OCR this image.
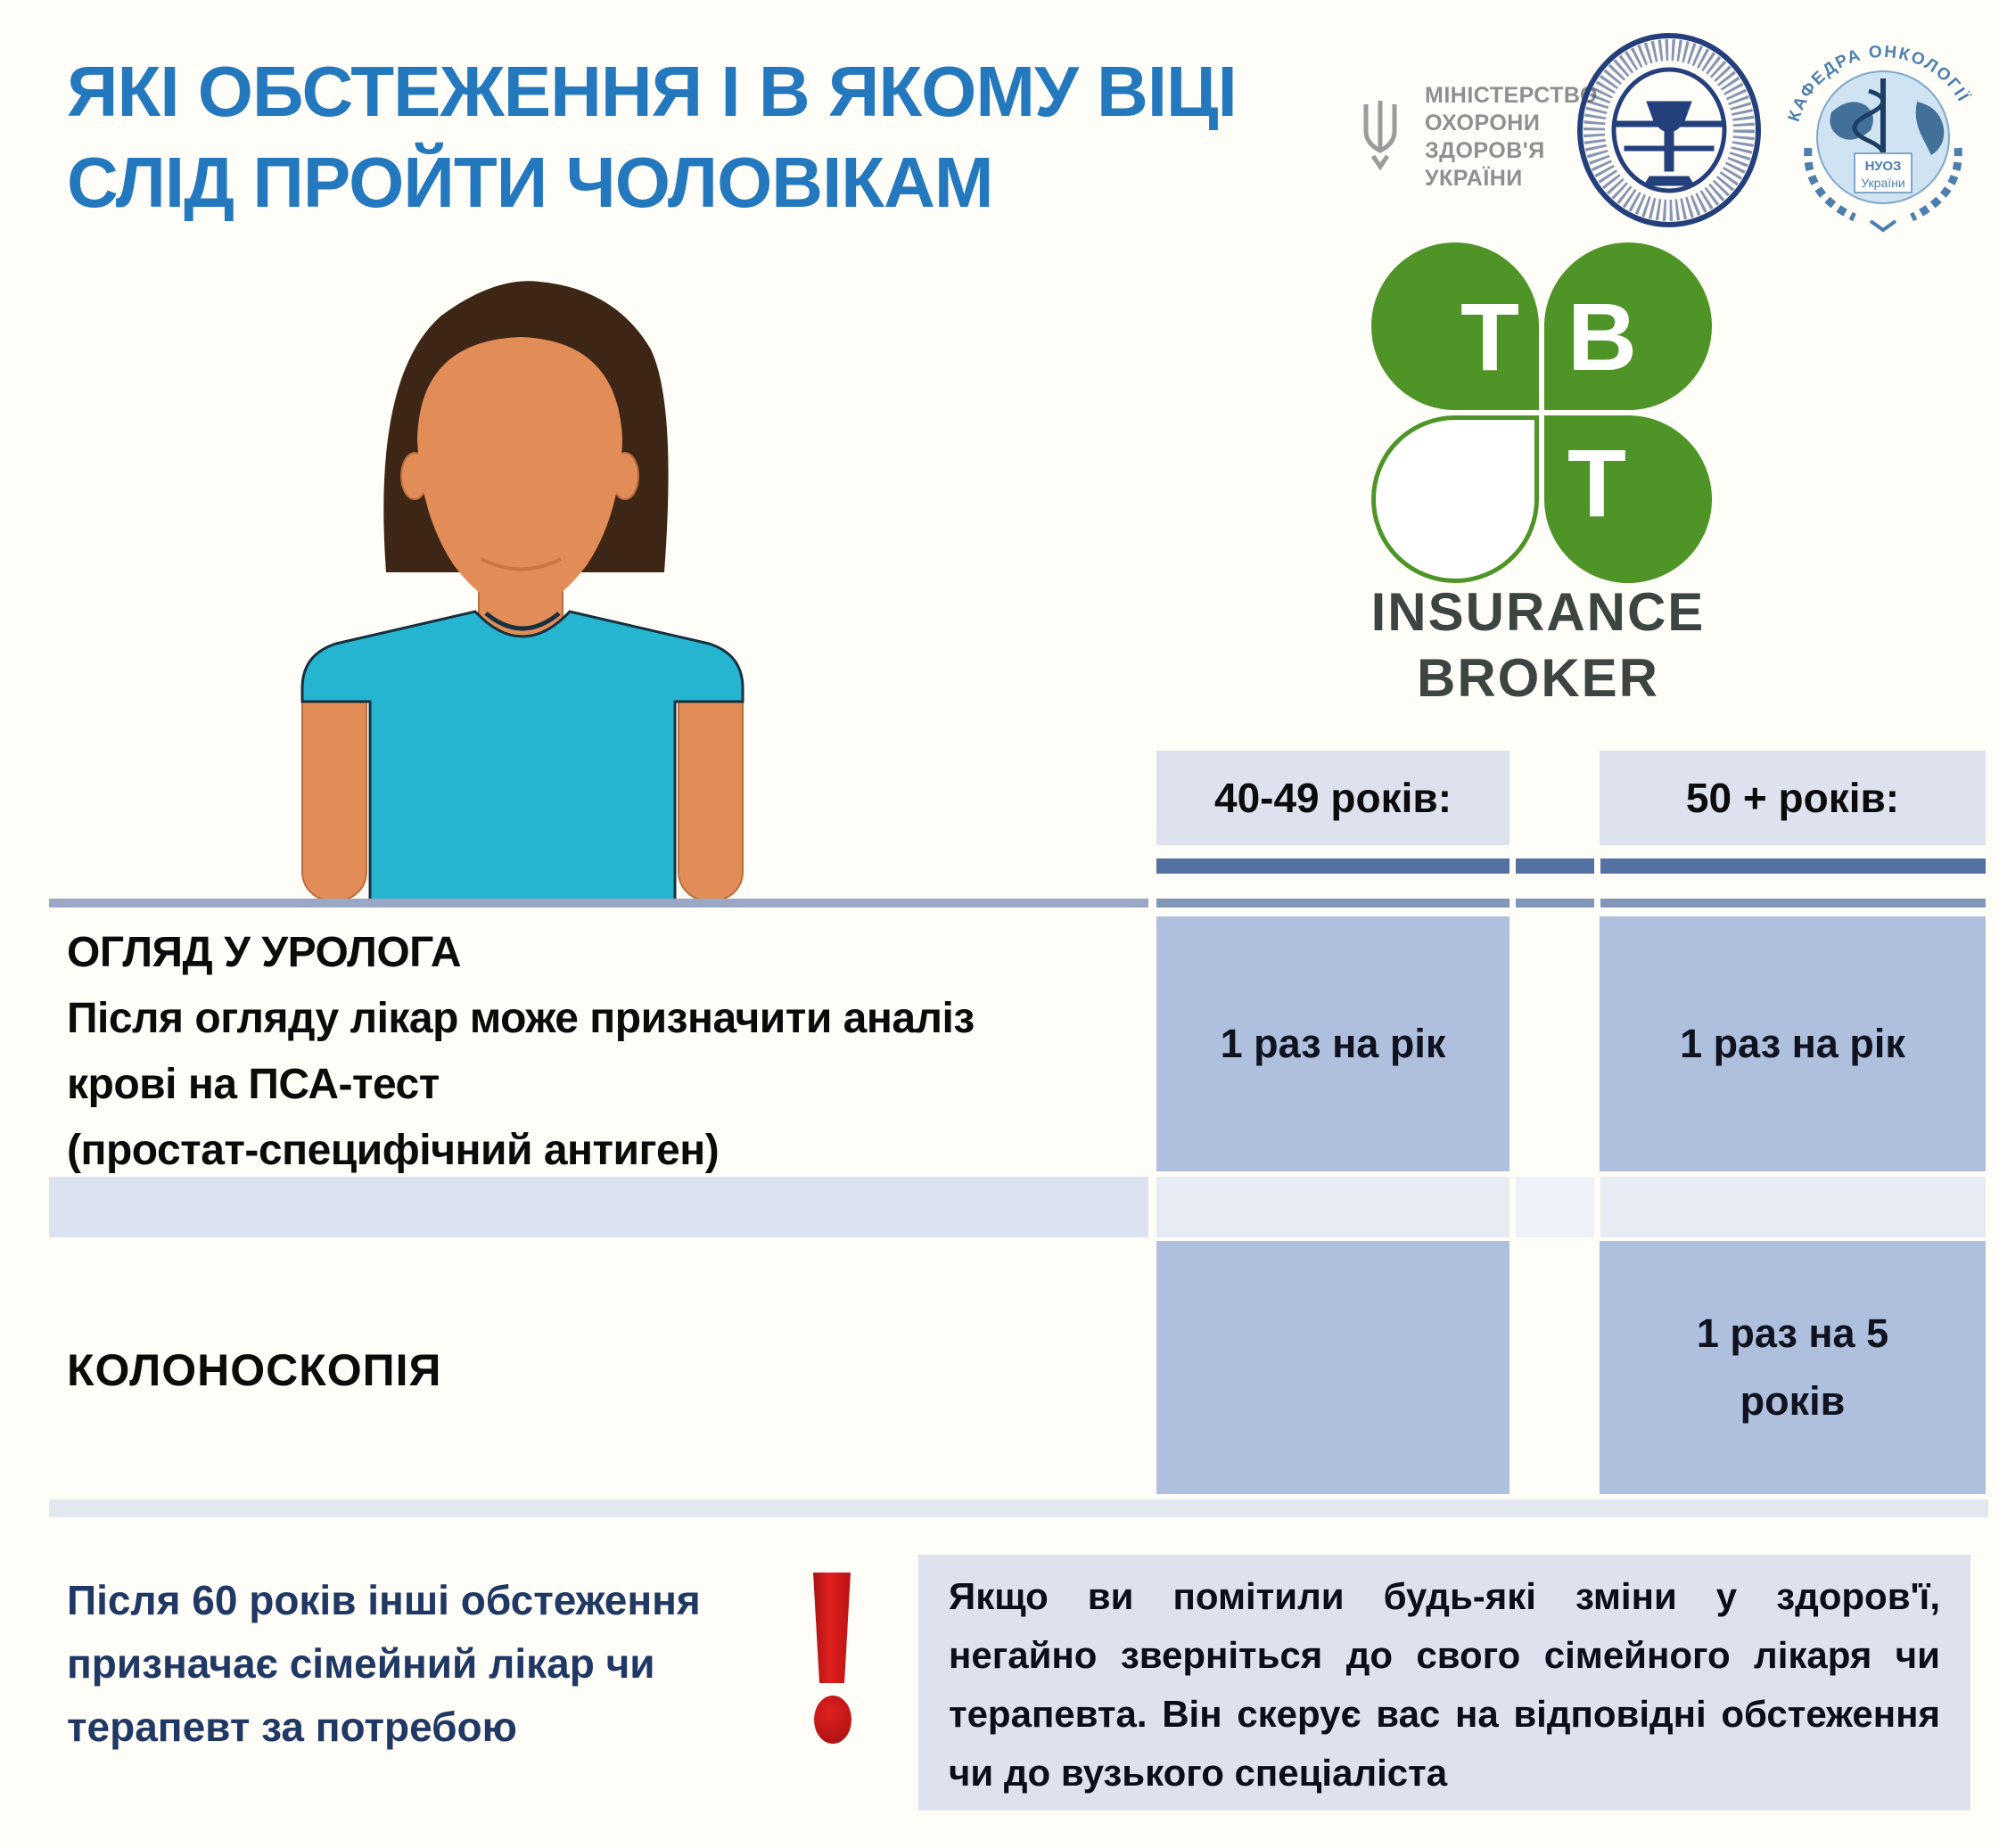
ЯКІ ОБСТЕЖЕННЯ І В ЯКОМУ ВІЦІ
СЛІД ПРОЙТИ ЧОЛОВІКАМ
МІНІСТЕРСТВО
ОХОРОНИ
ЗДОРОВ'Я
УКРАЇНИ
КАФЕДРА ОНКОЛОГІЇ
НУОЗ
України
Т В
Т
INSURANCE
BROKER
40-49 років:	50 + років:
ОГЛЯД У УРОЛОГА
Після огляду лікар може призначити аналіз
крові на ПСА-тест
(простат-специфічний антиген)
1 раз на рік	1 раз на рік
КОЛОНОСКОПІЯ
1 раз на 5
років
Після 60 років інші обстеження
призначає сімейний лікар чи
терапевт за потребою
Якщо ви помітили будь-які зміни у здоров'ї,
негайно зверніться до свого сімейного лікаря чи
терапевта. Він скерує вас на відповідні обстеження
чи до вузького спеціаліста
